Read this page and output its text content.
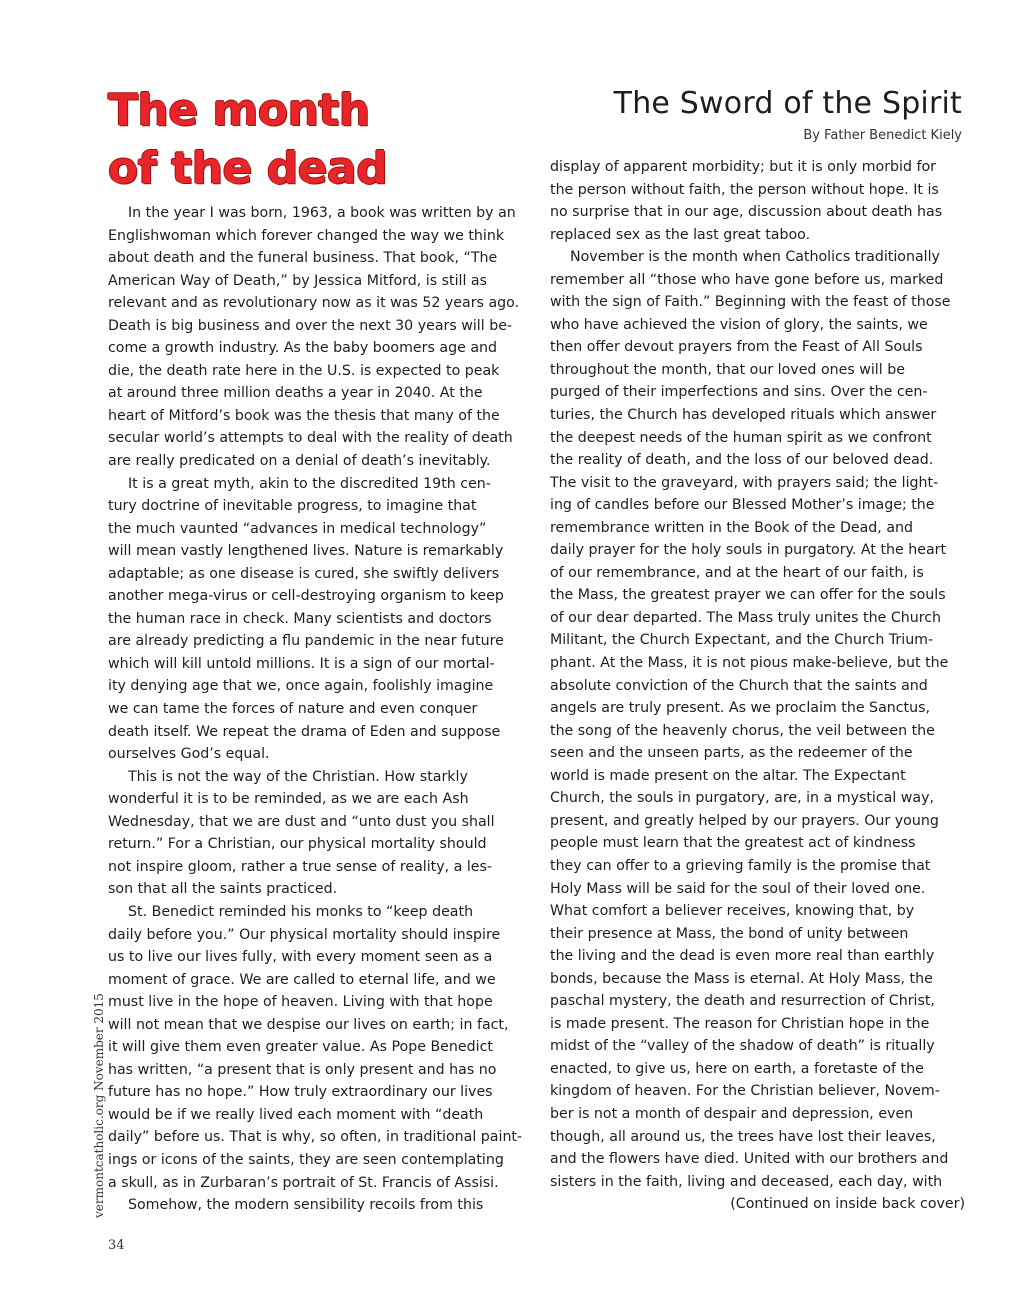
The month
of the dead
The Sword of the Spirit
By Father Benedict Kiely
In the year I was born, 1963, a book was written by an
Englishwoman which forever changed the way we think
about death and the funeral business. That book, “The
American Way of Death,” by Jessica Mitford, is still as
relevant and as revolutionary now as it was 52 years ago.
Death is big business and over the next 30 years will be-
come a growth industry. As the baby boomers age and
die, the death rate here in the U.S. is expected to peak
at around three million deaths a year in 2040. At the
heart of Mitford’s book was the thesis that many of the
secular world’s attempts to deal with the reality of death
are really predicated on a denial of death’s inevitably.
It is a great myth, akin to the discredited 19th cen-
tury doctrine of inevitable progress, to imagine that
the much vaunted “advances in medical technology”
will mean vastly lengthened lives. Nature is remarkably
adaptable; as one disease is cured, she swiftly delivers
another mega-virus or cell-destroying organism to keep
the human race in check. Many scientists and doctors
are already predicting a flu pandemic in the near future
which will kill untold millions. It is a sign of our mortal-
ity denying age that we, once again, foolishly imagine
we can tame the forces of nature and even conquer
death itself. We repeat the drama of Eden and suppose
ourselves God’s equal.
This is not the way of the Christian. How starkly
wonderful it is to be reminded, as we are each Ash
Wednesday, that we are dust and “unto dust you shall
return.” For a Christian, our physical mortality should
not inspire gloom, rather a true sense of reality, a les-
son that all the saints practiced.
St. Benedict reminded his monks to “keep death
daily before you.” Our physical mortality should inspire
us to live our lives fully, with every moment seen as a
moment of grace. We are called to eternal life, and we
must live in the hope of heaven. Living with that hope
will not mean that we despise our lives on earth; in fact,
it will give them even greater value. As Pope Benedict
has written, “a present that is only present and has no
future has no hope.” How truly extraordinary our lives
would be if we really lived each moment with “death
daily” before us. That is why, so often, in traditional paint-
ings or icons of the saints, they are seen contemplating
a skull, as in Zurbaran’s portrait of St. Francis of Assisi.
Somehow, the modern sensibility recoils from this
display of apparent morbidity; but it is only morbid for
the person without faith, the person without hope. It is
no surprise that in our age, discussion about death has
replaced sex as the last great taboo.
November is the month when Catholics traditionally
remember all “those who have gone before us, marked
with the sign of Faith.” Beginning with the feast of those
who have achieved the vision of glory, the saints, we
then offer devout prayers from the Feast of All Souls
throughout the month, that our loved ones will be
purged of their imperfections and sins. Over the cen-
turies, the Church has developed rituals which answer
the deepest needs of the human spirit as we confront
the reality of death, and the loss of our beloved dead.
The visit to the graveyard, with prayers said; the light-
ing of candles before our Blessed Mother’s image; the
remembrance written in the Book of the Dead, and
daily prayer for the holy souls in purgatory. At the heart
of our remembrance, and at the heart of our faith, is
the Mass, the greatest prayer we can offer for the souls
of our dear departed. The Mass truly unites the Church
Militant, the Church Expectant, and the Church Trium-
phant. At the Mass, it is not pious make-believe, but the
absolute conviction of the Church that the saints and
angels are truly present. As we proclaim the Sanctus,
the song of the heavenly chorus, the veil between the
seen and the unseen parts, as the redeemer of the
world is made present on the altar. The Expectant
Church, the souls in purgatory, are, in a mystical way,
present, and greatly helped by our prayers. Our young
people must learn that the greatest act of kindness
they can offer to a grieving family is the promise that
Holy Mass will be said for the soul of their loved one.
What comfort a believer receives, knowing that, by
their presence at Mass, the bond of unity between
the living and the dead is even more real than earthly
bonds, because the Mass is eternal. At Holy Mass, the
paschal mystery, the death and resurrection of Christ,
is made present. The reason for Christian hope in the
midst of the “valley of the shadow of death” is ritually
enacted, to give us, here on earth, a foretaste of the
kingdom of heaven. For the Christian believer, Novem-
ber is not a month of despair and depression, even
though, all around us, the trees have lost their leaves,
and the flowers have died. United with our brothers and
sisters in the faith, living and deceased, each day, with
(Continued on inside back cover)
vermontcatholic.org November 2015
34
